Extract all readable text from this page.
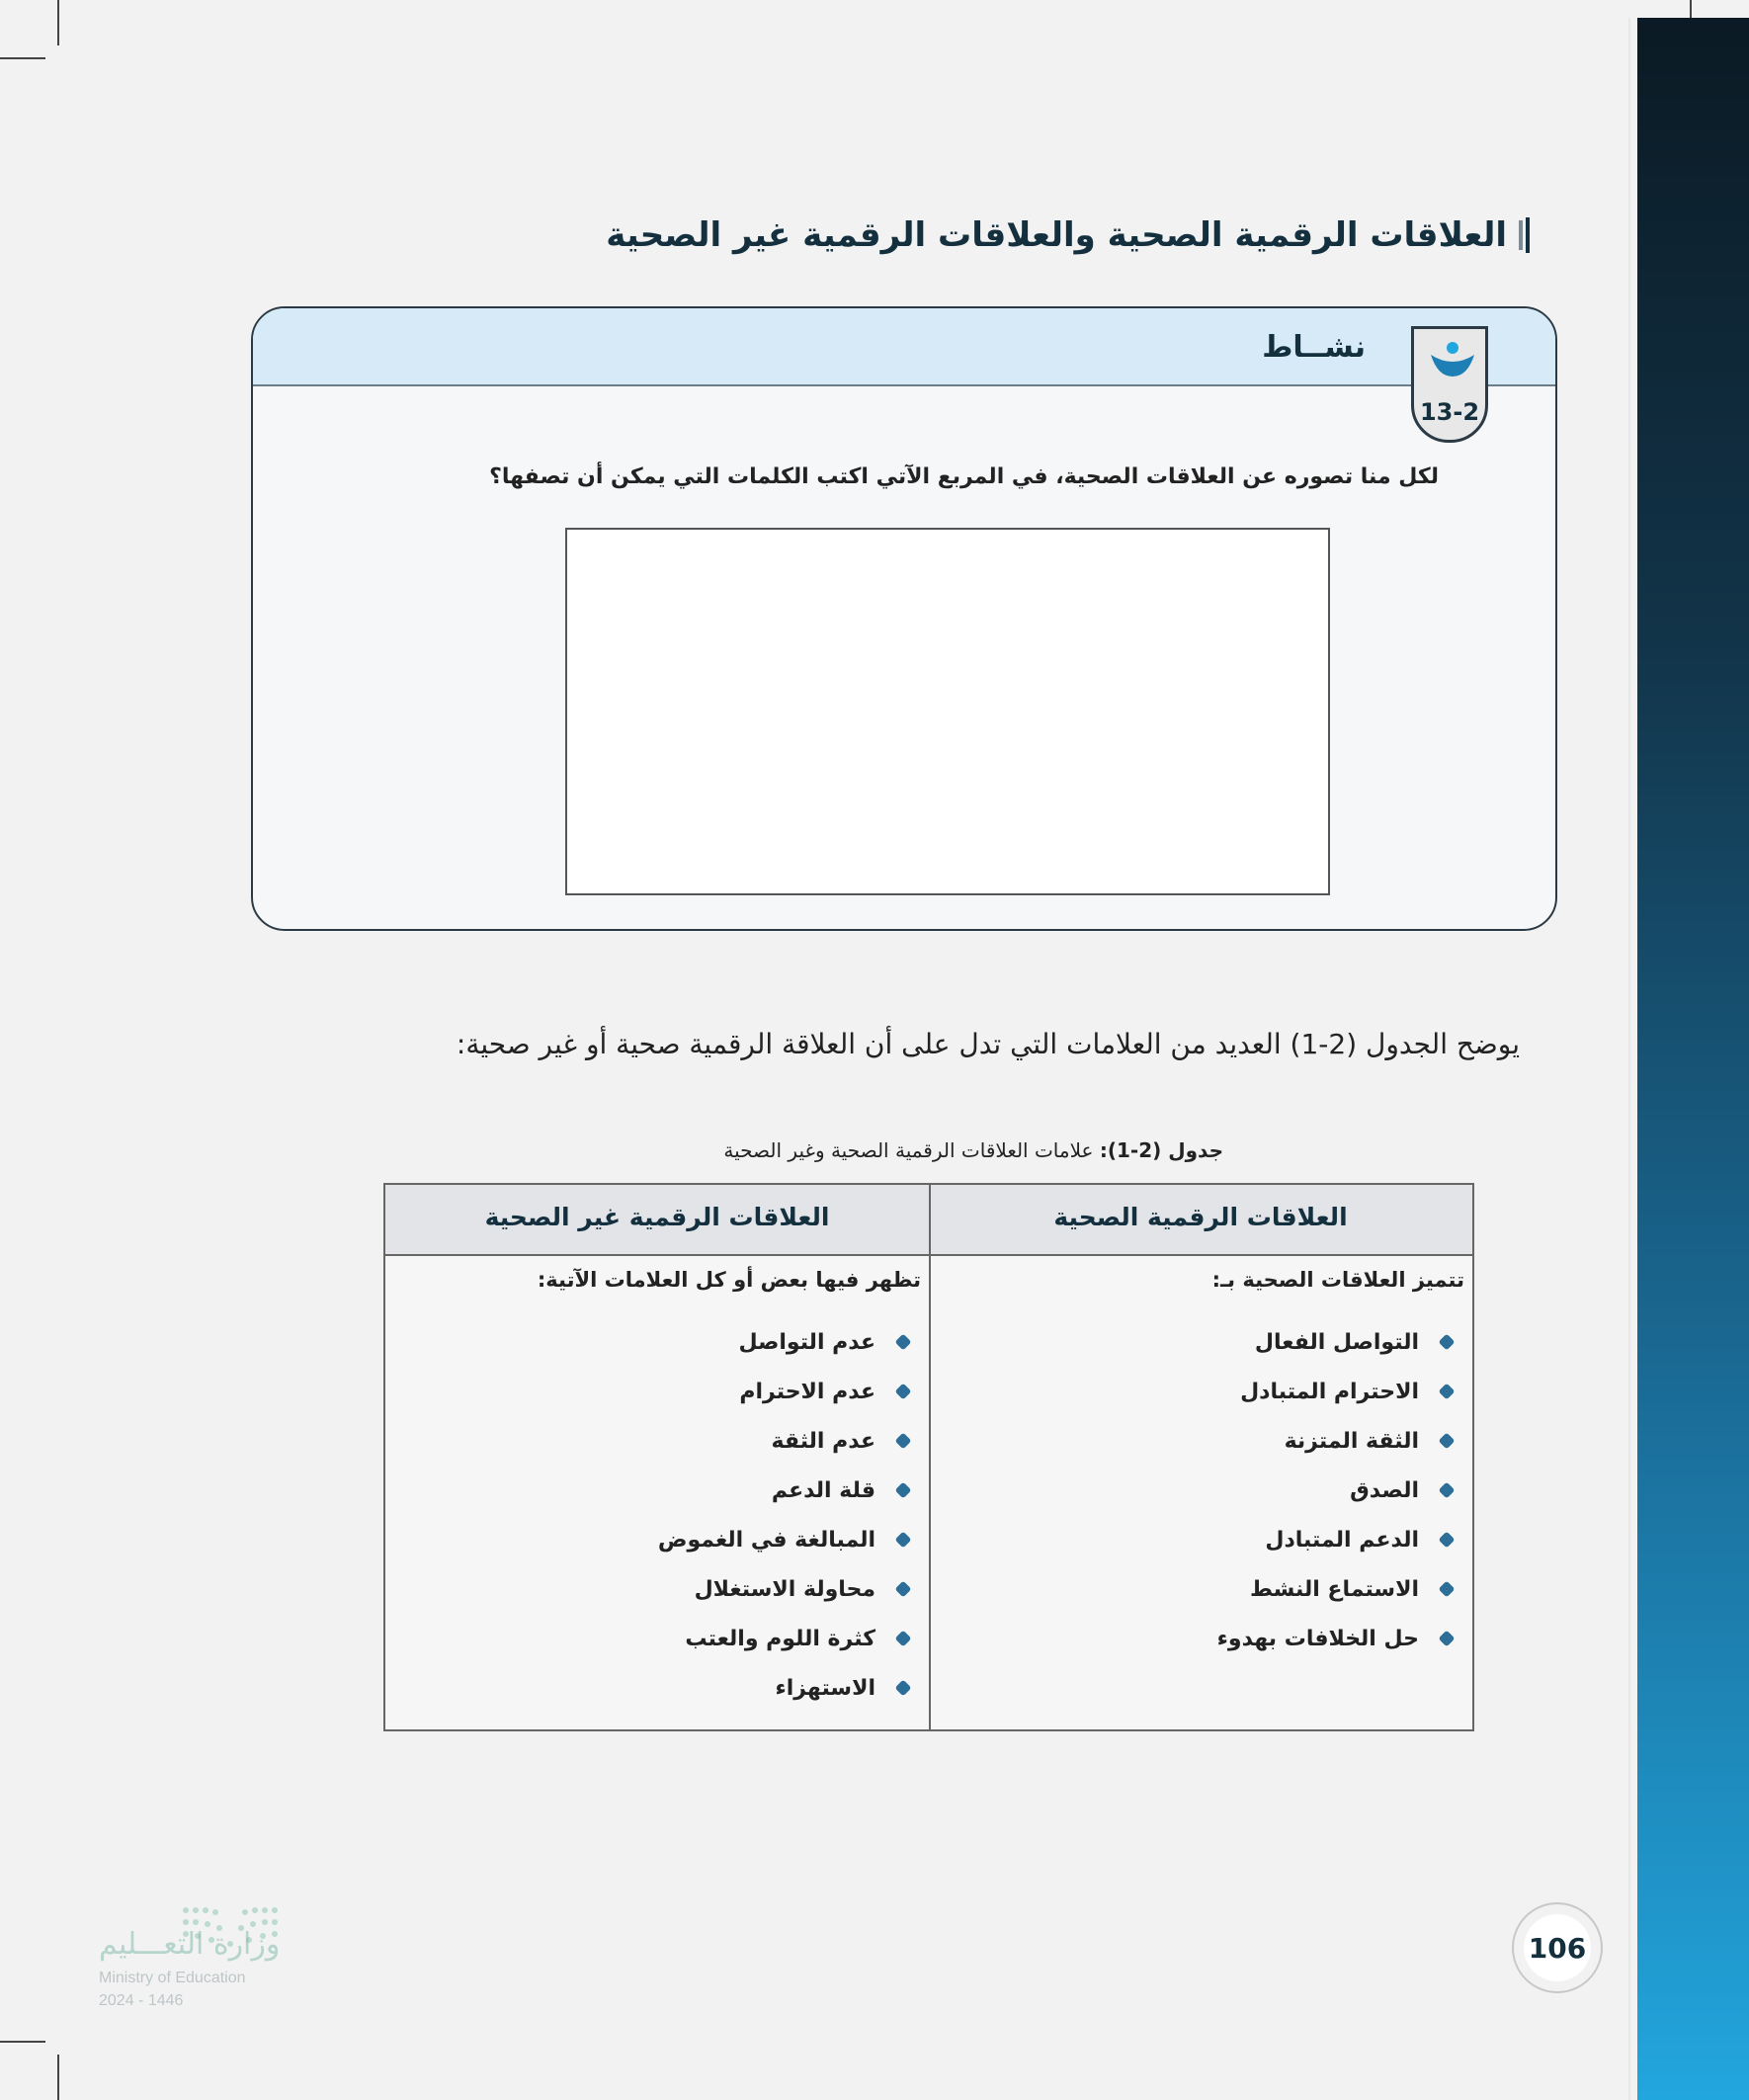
العلاقات الرقمية الصحية والعلاقات الرقمية غير الصحية
نشــاط
13-2
لكل منا تصوره عن العلاقات الصحية، في المربع الآتي اكتب الكلمات التي يمكن أن تصفها؟
يوضح الجدول (2-1) العديد من العلامات التي تدل على أن العلاقة الرقمية صحية أو غير صحية:
جدول (2-1): علامات العلاقات الرقمية الصحية وغير الصحية
العلاقات الرقمية الصحية
العلاقات الرقمية غير الصحية
تتميز العلاقات الصحية بـ:
التواصل الفعال
الاحترام المتبادل
الثقة المتزنة
الصدق
الدعم المتبادل
الاستماع النشط
حل الخلافات بهدوء
تظهر فيها بعض أو كل العلامات الآتية:
عدم التواصل
عدم الاحترام
عدم الثقة
قلة الدعم
المبالغة في الغموض
محاولة الاستغلال
كثرة اللوم والعتب
الاستهزاء
وزارة التعـــليم
Ministry of Education
2024 - 1446
106
